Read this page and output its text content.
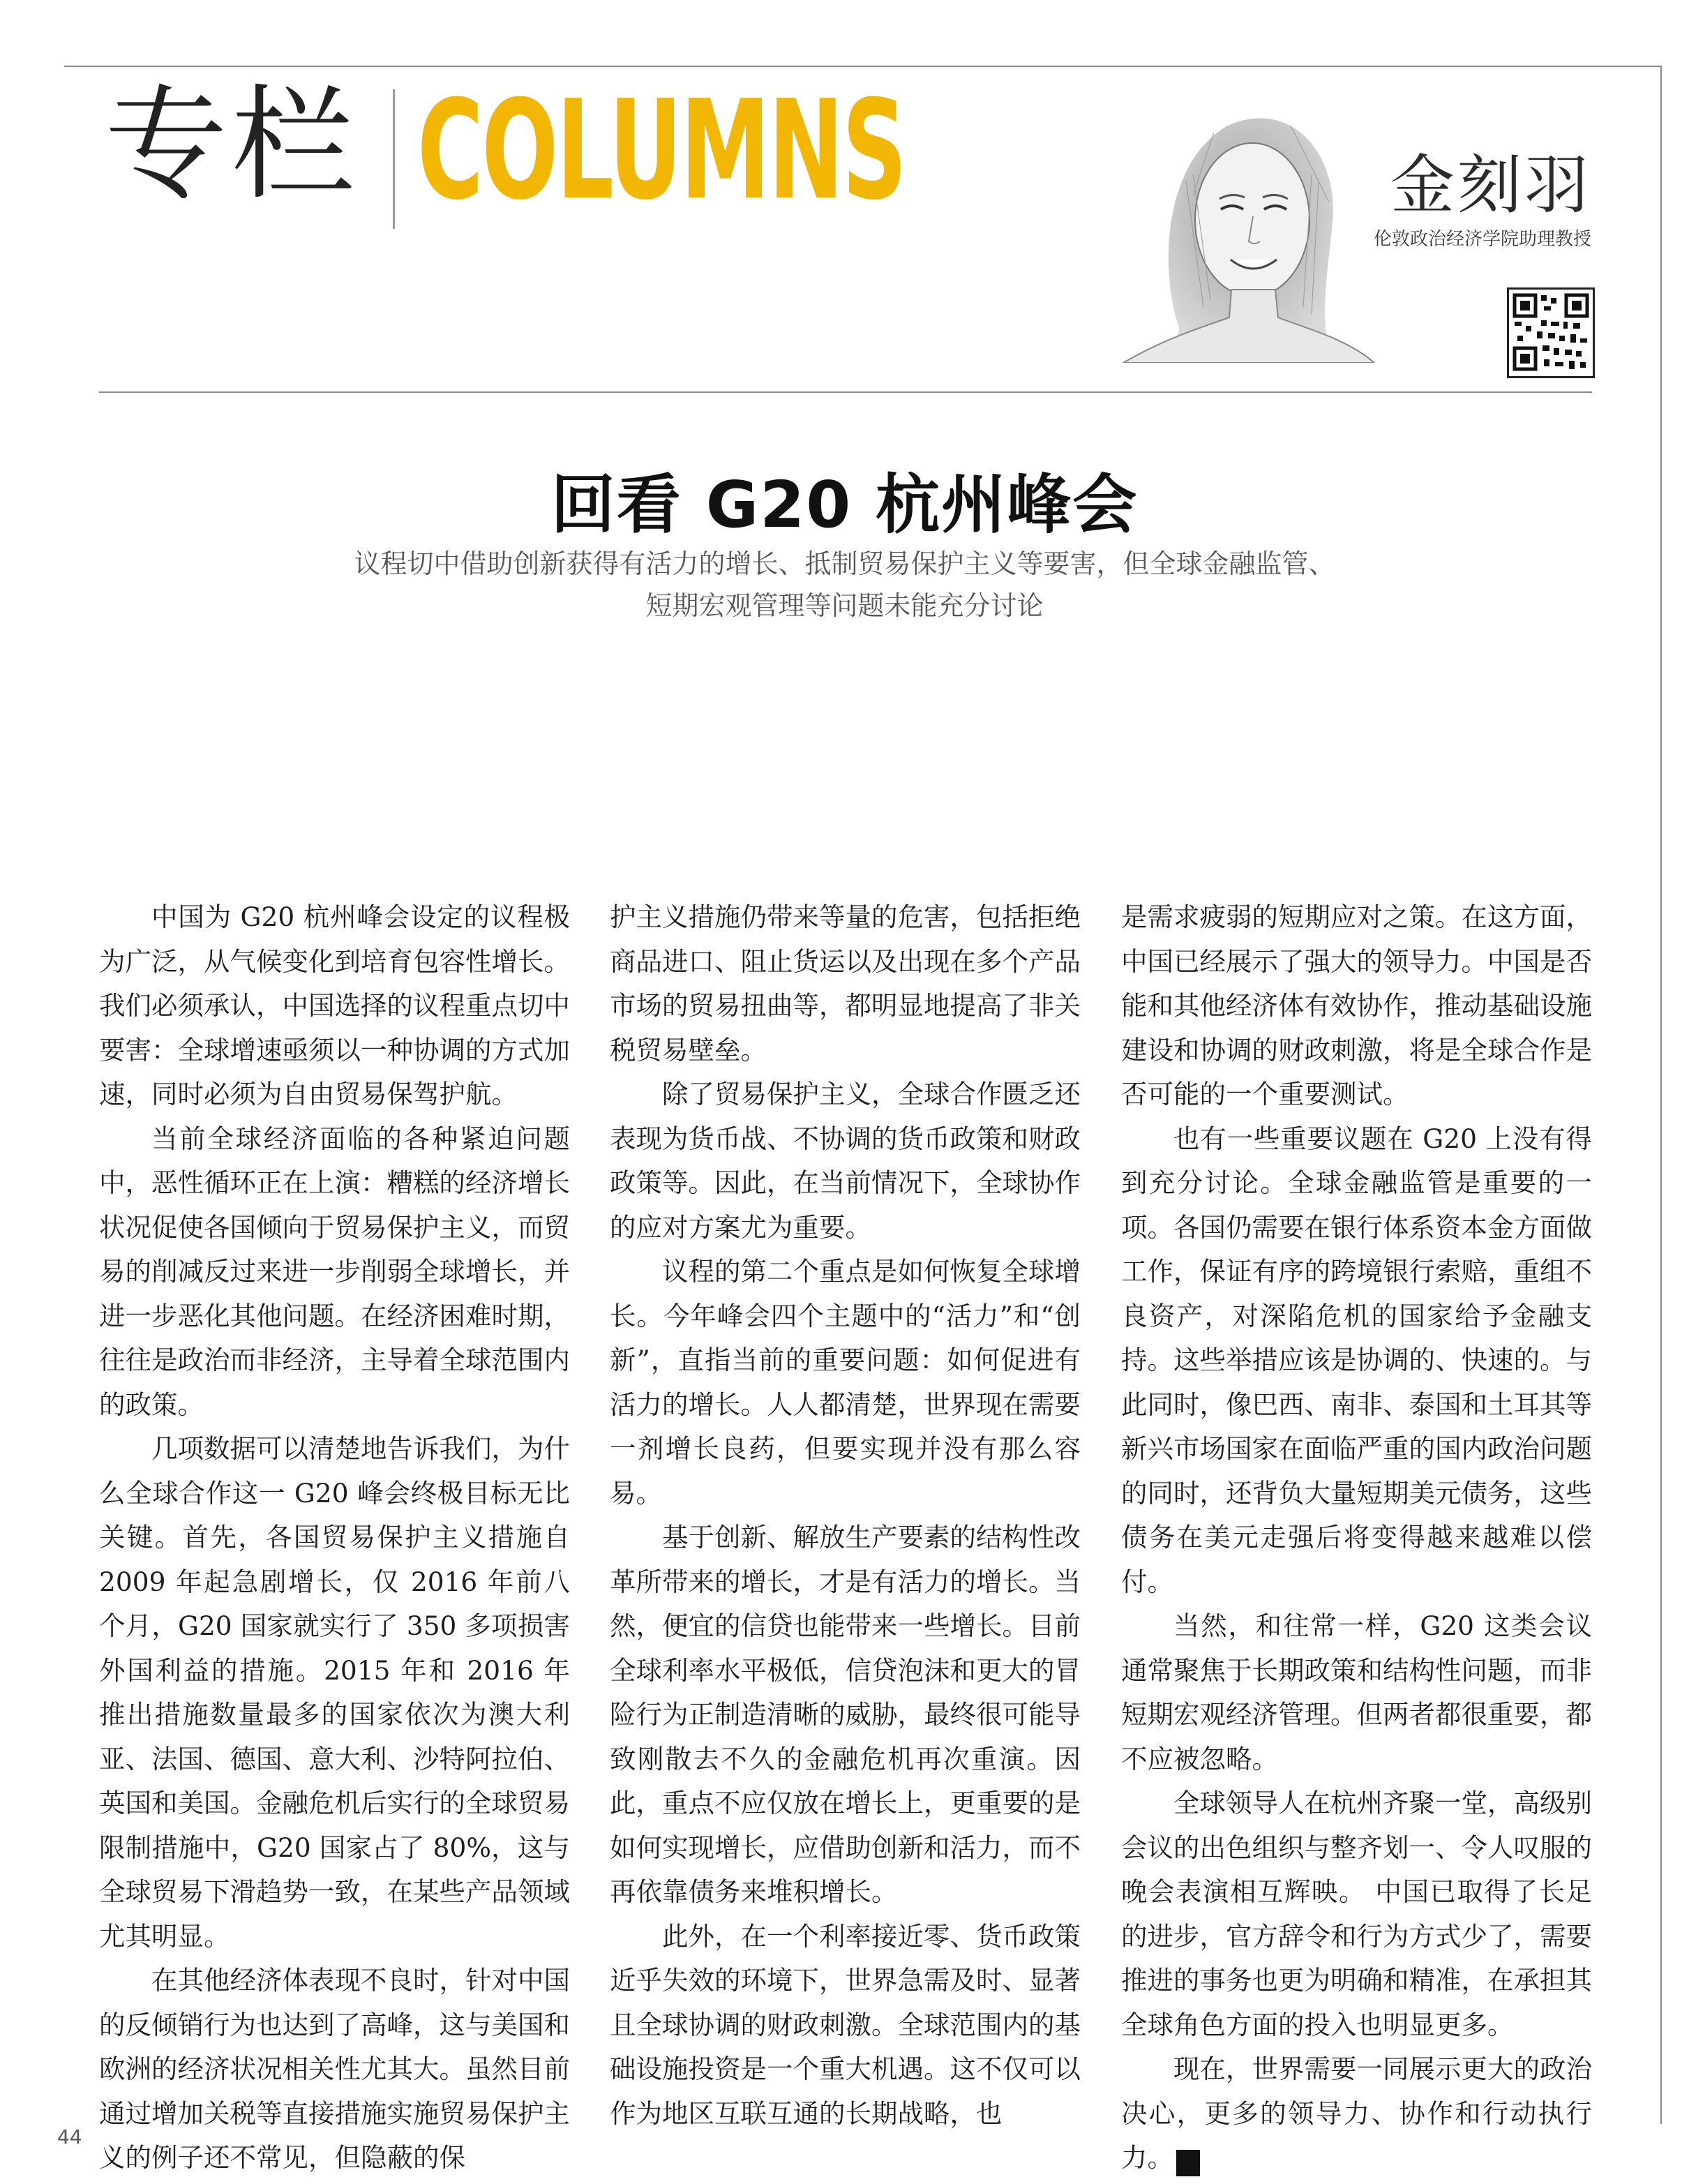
专栏 COLUMNS	金刻羽
伦敦政治经济学院助理教授
回看 G20 杭州峰会
议程切中借助创新获得有活力的增长、抵制贸易保护主义等要害，但全球金融监管、
短期宏观管理等问题未能充分讨论

中国为 G20 杭州峰会设定的议程极为广泛，从气候变化到培育包容性增长。我们必须承认，中国选择的议程重点切中要害：全球增速亟须以一种协调的方式加速，同时必须为自由贸易保驾护航。

当前全球经济面临的各种紧迫问题中，恶性循环正在上演：糟糕的经济增长状况促使各国倾向于贸易保护主义，而贸易的削减反过来进一步削弱全球增长，并进一步恶化其他问题。在经济困难时期，往往是政治而非经济，主导着全球范围内的政策。

几项数据可以清楚地告诉我们，为什么全球合作这一 G20 峰会终极目标无比关键。首先，各国贸易保护主义措施自 2009 年起急剧增长，仅 2016 年前八个月，G20 国家就实行了 350 多项损害外国利益的措施。2015 年和 2016 年推出措施数量最多的国家依次为澳大利亚、法国、德国、意大利、沙特阿拉伯、英国和美国。金融危机后实行的全球贸易限制措施中，G20 国家占了 80%，这与全球贸易下滑趋势一致，在某些产品领域尤其明显。

在其他经济体表现不良时，针对中国的反倾销行为也达到了高峰，这与美国和欧洲的经济状况相关性尤其大。虽然目前通过增加关税等直接措施实施贸易保护主义的例子还不常见，但隐蔽的保

护主义措施仍带来等量的危害，包括拒绝商品进口、阻止货运以及出现在多个产品市场的贸易扭曲等，都明显地提高了非关税贸易壁垒。

除了贸易保护主义，全球合作匮乏还表现为货币战、不协调的货币政策和财政政策等。因此，在当前情况下，全球协作的应对方案尤为重要。

议程的第二个重点是如何恢复全球增长。今年峰会四个主题中的“活力”和“创新”，直指当前的重要问题：如何促进有活力的增长。人人都清楚，世界现在需要一剂增长良药，但要实现并没有那么容易。

基于创新、解放生产要素的结构性改革所带来的增长，才是有活力的增长。当然，便宜的信贷也能带来一些增长。目前全球利率水平极低，信贷泡沫和更大的冒险行为正制造清晰的威胁，最终很可能导致刚散去不久的金融危机再次重演。因此，重点不应仅放在增长上，更重要的是如何实现增长，应借助创新和活力，而不再依靠债务来堆积增长。

此外，在一个利率接近零、货币政策近乎失效的环境下，世界急需及时、显著且全球协调的财政刺激。全球范围内的基础设施投资是一个重大机遇。这不仅可以作为地区互联互通的长期战略，也

是需求疲弱的短期应对之策。在这方面，中国已经展示了强大的领导力。中国是否能和其他经济体有效协作，推动基础设施建设和协调的财政刺激，将是全球合作是否可能的一个重要测试。

也有一些重要议题在 G20 上没有得到充分讨论。全球金融监管是重要的一项。各国仍需要在银行体系资本金方面做工作，保证有序的跨境银行索赔，重组不良资产，对深陷危机的国家给予金融支持。这些举措应该是协调的、快速的。与此同时，像巴西、南非、泰国和土耳其等新兴市场国家在面临严重的国内政治问题的同时，还背负大量短期美元债务，这些债务在美元走强后将变得越来越难以偿付。

当然，和往常一样，G20 这类会议通常聚焦于长期政策和结构性问题，而非短期宏观经济管理。但两者都很重要，都不应被忽略。

全球领导人在杭州齐聚一堂，高级别会议的出色组织与整齐划一、令人叹服的晚会表演相互辉映。 中国已取得了长足的进步，官方辞令和行为方式少了，需要推进的事务也更为明确和精准，在承担其全球角色方面的投入也明显更多。

现在，世界需要一同展示更大的政治决心，更多的领导力、协作和行动执行力。	新

44
